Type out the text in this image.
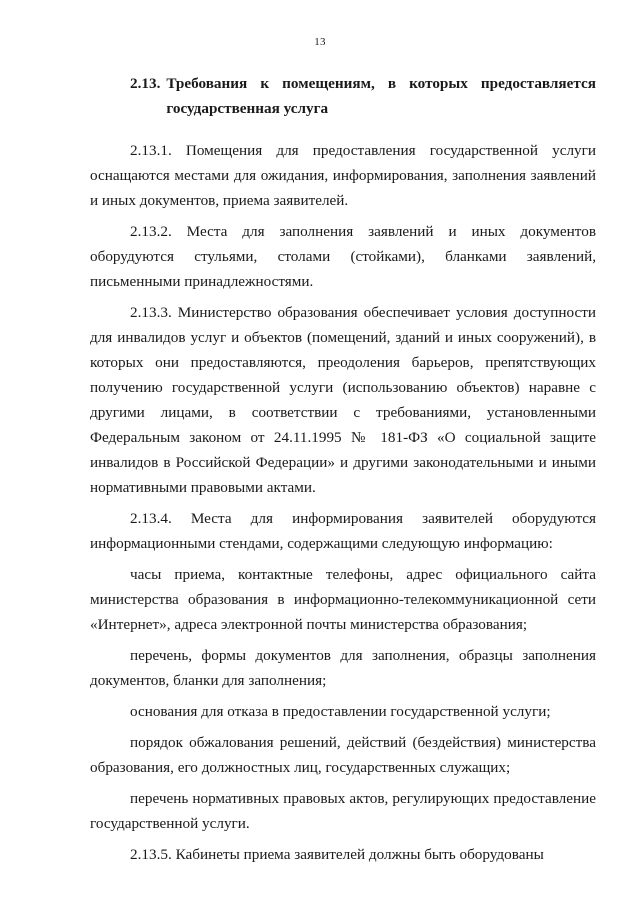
13
2.13. Требования к помещениям, в которых предоставляется государственная услуга

2.13.1. Помещения для предоставления государственной услуги оснащаются местами для ожидания, информирования, заполнения заявлений и иных документов, приема заявителей.

2.13.2. Места для заполнения заявлений и иных документов оборудуются стульями, столами (стойками), бланками заявлений, письменными принадлежностями.

2.13.3. Министерство образования обеспечивает условия доступности для инвалидов услуг и объектов (помещений, зданий и иных сооружений), в которых они предоставляются, преодоления барьеров, препятствующих получению государственной услуги (использованию объектов) наравне с другими лицами, в соответствии с требованиями, установленными Федеральным законом от 24.11.1995 № 181-ФЗ «О социальной защите инвалидов в Российской Федерации» и другими законодательными и иными нормативными правовыми актами.

2.13.4. Места для информирования заявителей оборудуются информационными стендами, содержащими следующую информацию:

часы приема, контактные телефоны, адрес официального сайта министерства образования в информационно-телекоммуникационной сети «Интернет», адреса электронной почты министерства образования;

перечень, формы документов для заполнения, образцы заполнения документов, бланки для заполнения;

основания для отказа в предоставлении государственной услуги;

порядок обжалования решений, действий (бездействия) министерства образования, его должностных лиц, государственных служащих;

перечень нормативных правовых актов, регулирующих предоставление государственной услуги.

2.13.5. Кабинеты приема заявителей должны быть оборудованы
